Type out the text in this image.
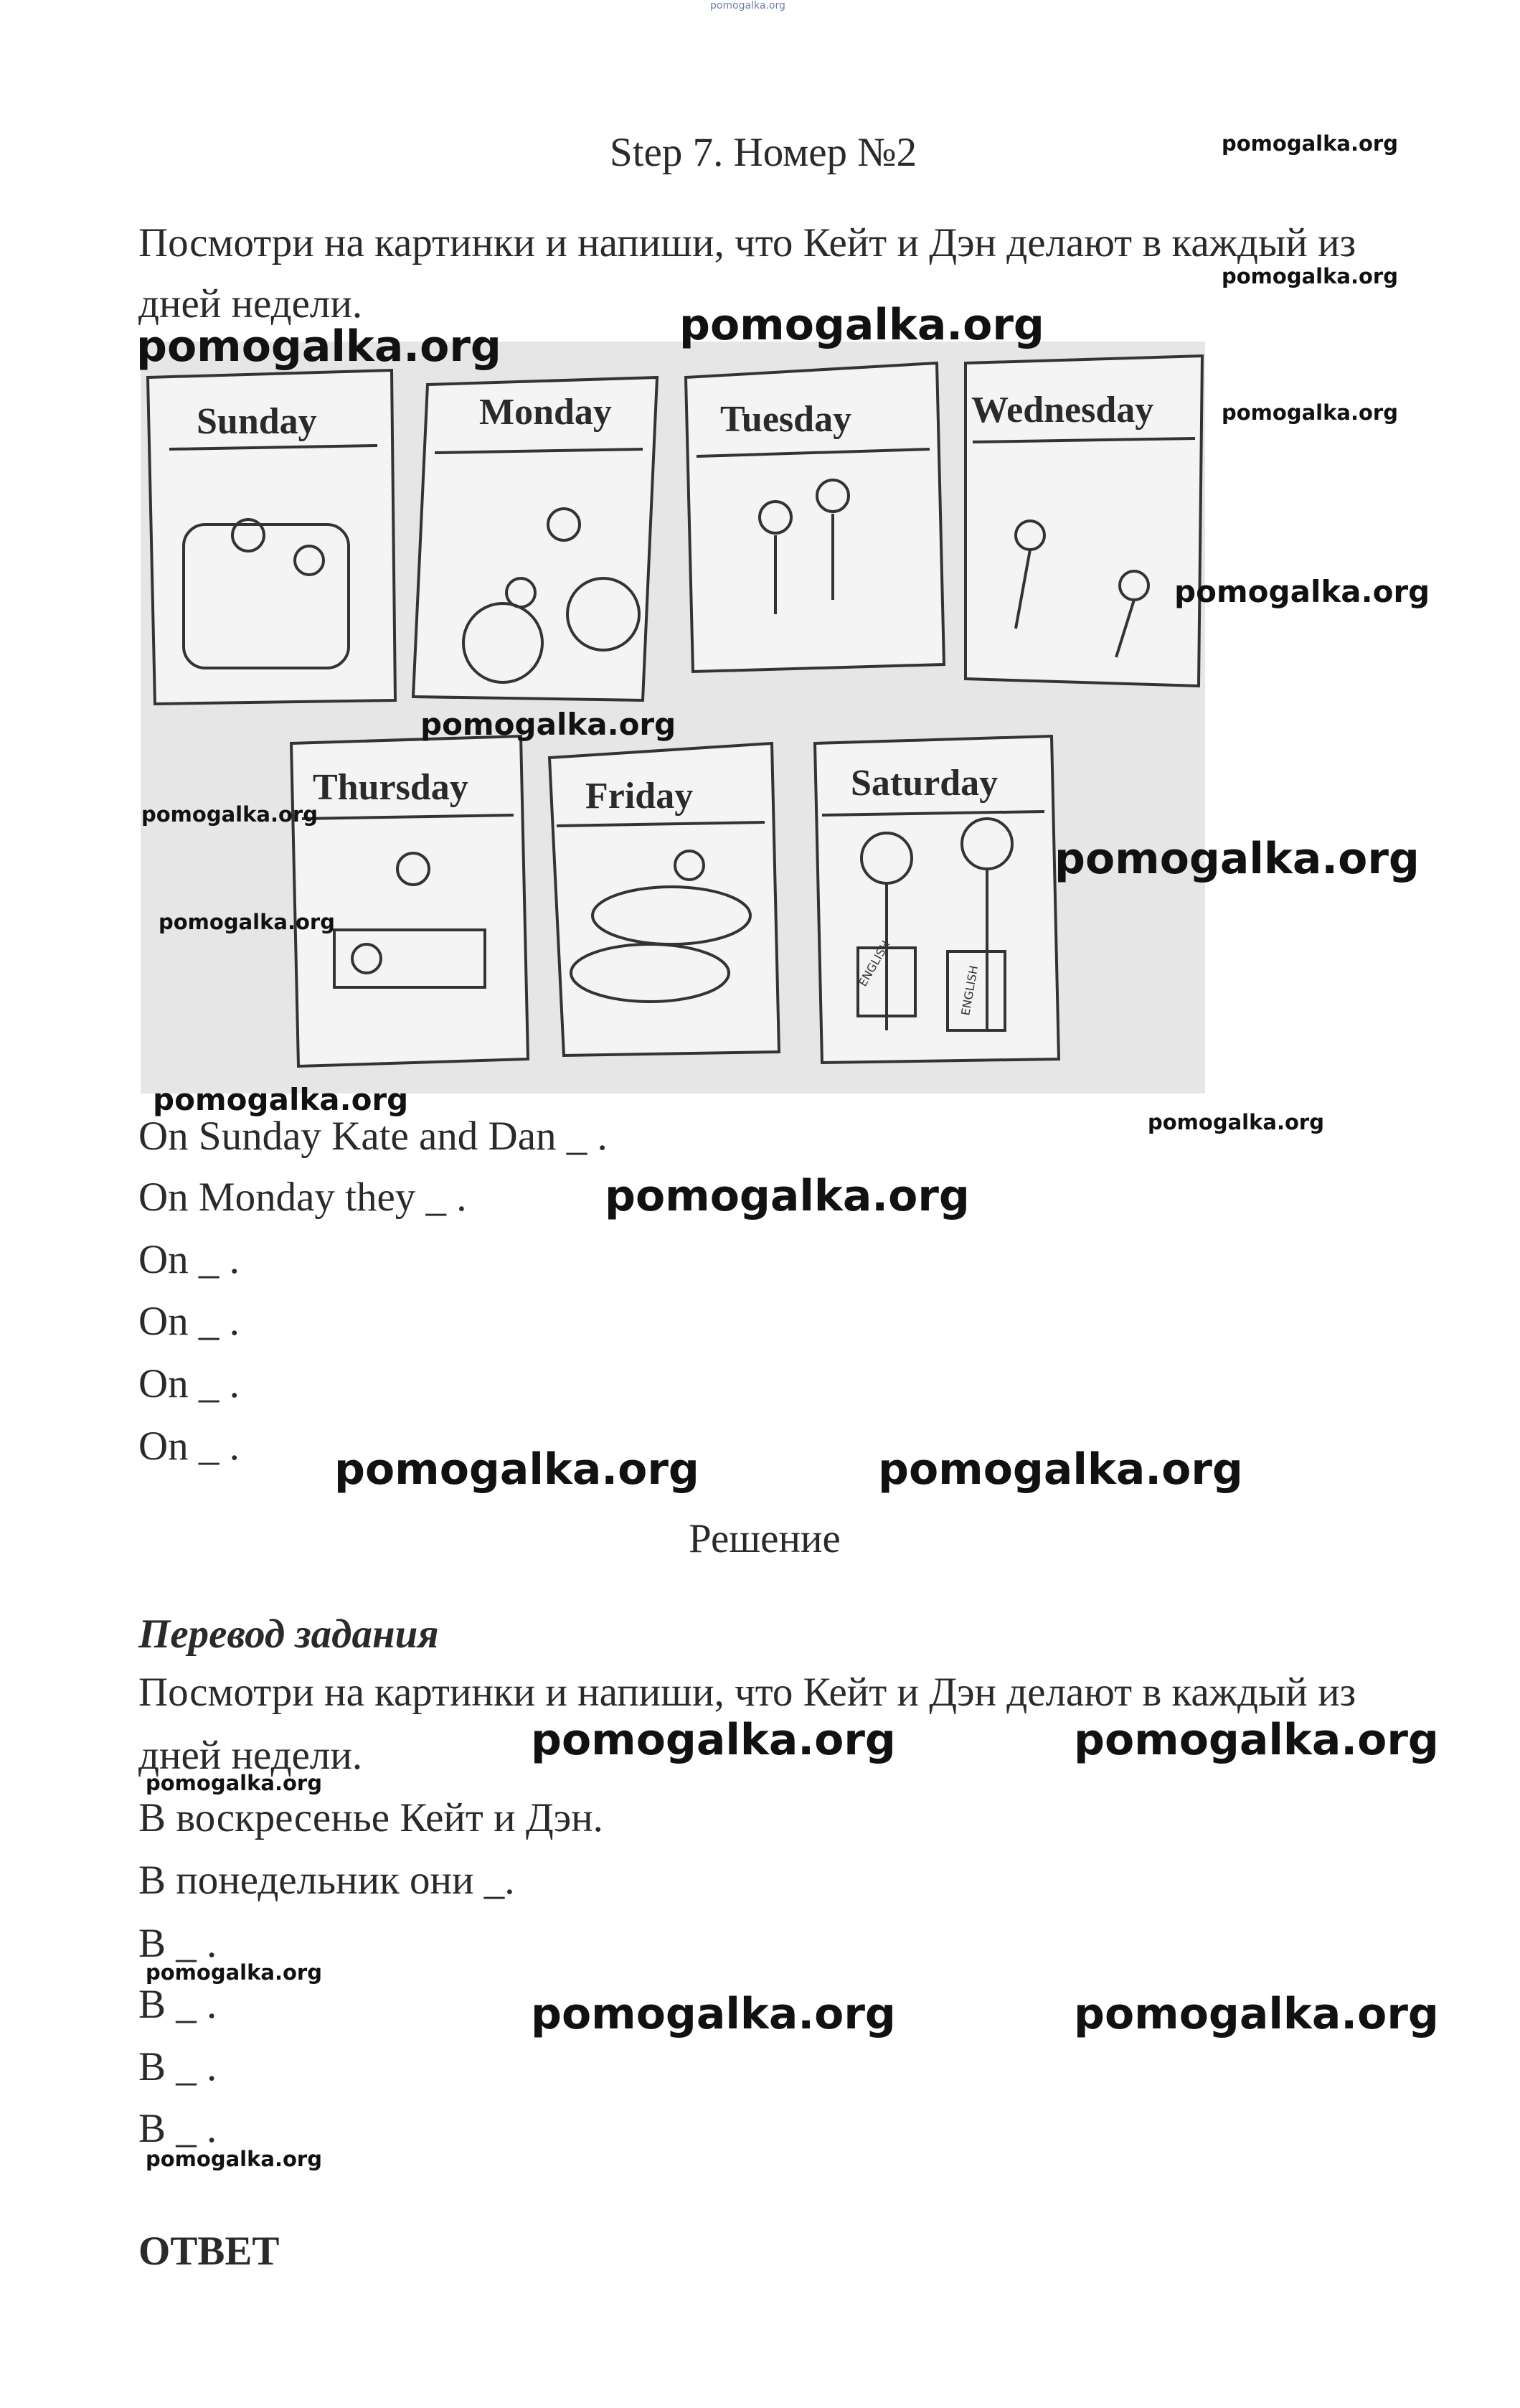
pomogalka.org
Step 7. Номер №2
Посмотри на картинки и напиши, что Кейт и Дэн делают в каждый из
дней недели.
Sunday	Monday	Tuesday	Wednesday
Thursday	Friday	Saturday
ENGLISH
ENGLISH
On Sunday Kate and Dan _ .
On Monday they _ .
On _ .
On _ .
On _ .
On _ .
Решение
Перевод задания
Посмотри на картинки и напиши, что Кейт и Дэн делают в каждый из
дней недели.
В воскресенье Кейт и Дэн.
В понедельник они _.
В _ .
В _ .
В _ .
В _ .
ОТВЕТ
pomogalka.org
pomogalka.org
pomogalka.org
pomogalka.org
pomogalka.org
pomogalka.org
pomogalka.org
pomogalka.org
pomogalka.org
pomogalka.org
pomogalka.org
pomogalka.org
pomogalka.org
pomogalka.org	pomogalka.org
pomogalka.org	pomogalka.org
pomogalka.org
pomogalka.org
pomogalka.org	pomogalka.org
pomogalka.org
